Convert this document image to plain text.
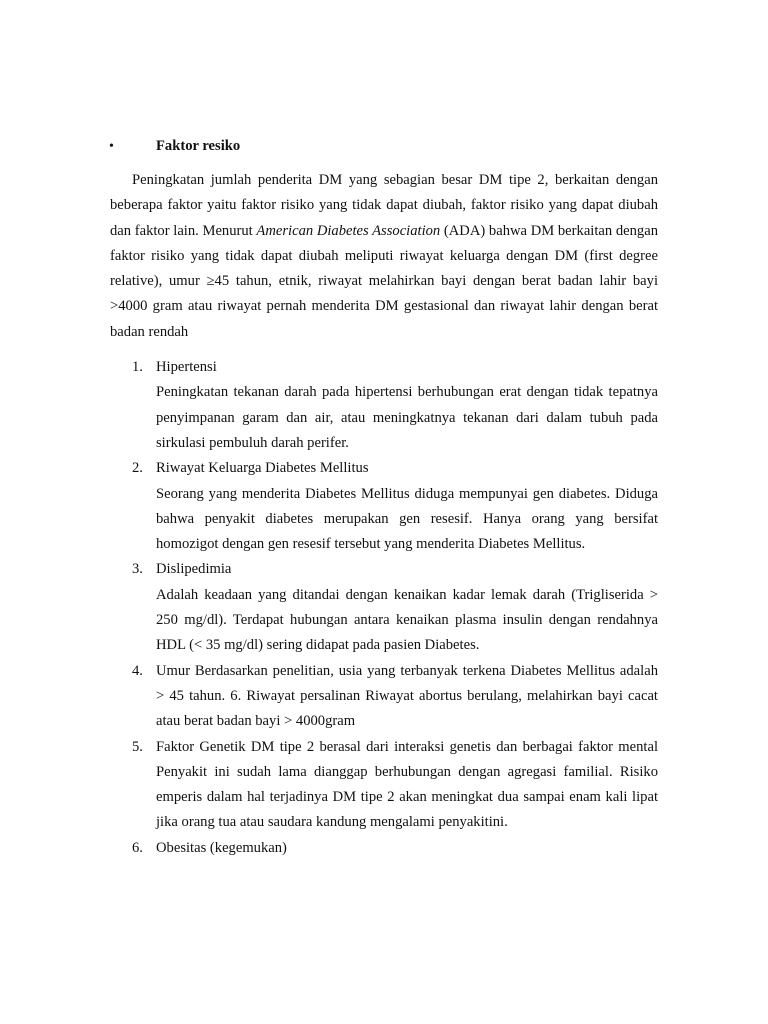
•	Faktor resiko

Peningkatan jumlah penderita DM yang sebagian besar DM tipe 2, berkaitan dengan beberapa faktor yaitu faktor risiko yang tidak dapat diubah, faktor risiko yang dapat diubah dan faktor lain. Menurut American Diabetes Association (ADA) bahwa DM berkaitan dengan faktor risiko yang tidak dapat diubah meliputi riwayat keluarga dengan DM (first degree relative), umur ≥45 tahun, etnik, riwayat melahirkan bayi dengan berat badan lahir bayi >4000 gram atau riwayat pernah menderita DM gestasional dan riwayat lahir dengan berat badan rendah

1. Hipertensi
Peningkatan tekanan darah pada hipertensi berhubungan erat dengan tidak tepatnya penyimpanan garam dan air, atau meningkatnya tekanan dari dalam tubuh pada sirkulasi pembuluh darah perifer.
2. Riwayat Keluarga Diabetes Mellitus
Seorang yang menderita Diabetes Mellitus diduga mempunyai gen diabetes. Diduga bahwa penyakit diabetes merupakan gen resesif. Hanya orang yang bersifat homozigot dengan gen resesif tersebut yang menderita Diabetes Mellitus.
3. Dislipedimia
Adalah keadaan yang ditandai dengan kenaikan kadar lemak darah (Trigliserida > 250 mg/dl). Terdapat hubungan antara kenaikan plasma insulin dengan rendahnya HDL (< 35 mg/dl) sering didapat pada pasien Diabetes.
4. Umur Berdasarkan penelitian, usia yang terbanyak terkena Diabetes Mellitus adalah > 45 tahun. 6. Riwayat persalinan Riwayat abortus berulang, melahirkan bayi cacat atau berat badan bayi > 4000gram
5. Faktor Genetik DM tipe 2 berasal dari interaksi genetis dan berbagai faktor mental Penyakit ini sudah lama dianggap berhubungan dengan agregasi familial. Risiko emperis dalam hal terjadinya DM tipe 2 akan meningkat dua sampai enam kali lipat jika orang tua atau saudara kandung mengalami penyakitini.
6. Obesitas (kegemukan)
